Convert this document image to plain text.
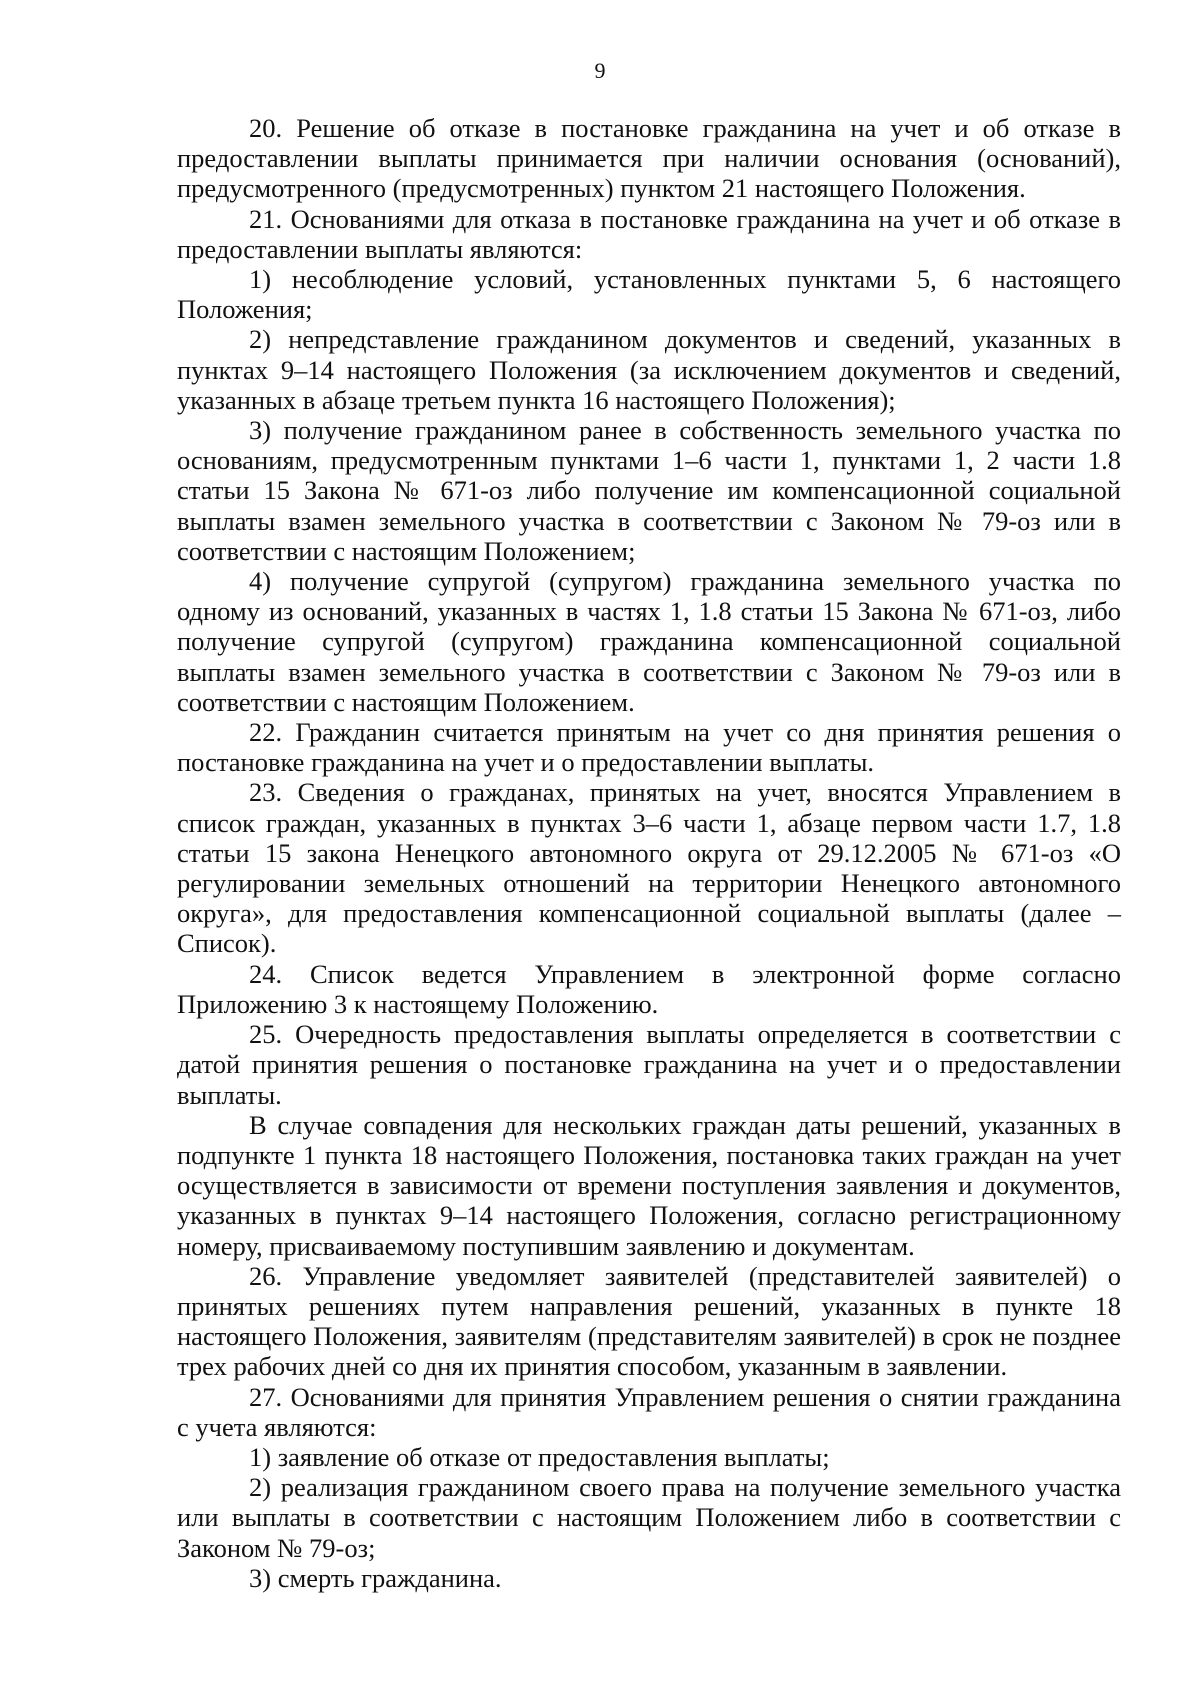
9

20. Решение об отказе в постановке гражданина на учет и об отказе в предоставлении выплаты принимается при наличии основания (оснований), предусмотренного (предусмотренных) пунктом 21 настоящего Положения.

21. Основаниями для отказа в постановке гражданина на учет и об отказе в предоставлении выплаты являются:

1) несоблюдение условий, установленных пунктами 5, 6 настоящего Положения;

2) непредставление гражданином документов и сведений, указанных в пунктах 9–14 настоящего Положения (за исключением документов и сведений, указанных в абзаце третьем пункта 16 настоящего Положения);

3) получение гражданином ранее в собственность земельного участка по основаниям, предусмотренным пунктами 1–6 части 1, пунктами 1, 2 части 1.8 статьи 15 Закона № 671-оз либо получение им компенсационной социальной выплаты взамен земельного участка в соответствии с Законом № 79-оз или в соответствии с настоящим Положением;

4) получение супругой (супругом) гражданина земельного участка по одному из оснований, указанных в частях 1, 1.8 статьи 15 Закона № 671-оз, либо получение супругой (супругом) гражданина компенсационной социальной выплаты взамен земельного участка в соответствии с Законом № 79-оз или в соответствии с настоящим Положением.

22. Гражданин считается принятым на учет со дня принятия решения о постановке гражданина на учет и о предоставлении выплаты.

23. Сведения о гражданах, принятых на учет, вносятся Управлением в список граждан, указанных в пунктах 3–6 части 1, абзаце первом части 1.7, 1.8 статьи 15 закона Ненецкого автономного округа от 29.12.2005 № 671-оз «О регулировании земельных отношений на территории Ненецкого автономного округа», для предоставления компенсационной социальной выплаты (далее – Список).

24. Список ведется Управлением в электронной форме согласно Приложению 3 к настоящему Положению.

25. Очередность предоставления выплаты определяется в соответствии с датой принятия решения о постановке гражданина на учет и о предоставлении выплаты.

В случае совпадения для нескольких граждан даты решений, указанных в подпункте 1 пункта 18 настоящего Положения, постановка таких граждан на учет осуществляется в зависимости от времени поступления заявления и документов, указанных в пунктах 9–14 настоящего Положения, согласно регистрационному номеру, присваиваемому поступившим заявлению и документам.

26. Управление уведомляет заявителей (представителей заявителей) о принятых решениях путем направления решений, указанных в пункте 18 настоящего Положения, заявителям (представителям заявителей) в срок не позднее трех рабочих дней со дня их принятия способом, указанным в заявлении.

27. Основаниями для принятия Управлением решения о снятии гражданина с учета являются:

1) заявление об отказе от предоставления выплаты;

2) реализация гражданином своего права на получение земельного участка или выплаты в соответствии с настоящим Положением либо в соответствии с Законом № 79-оз;

3) смерть гражданина.
